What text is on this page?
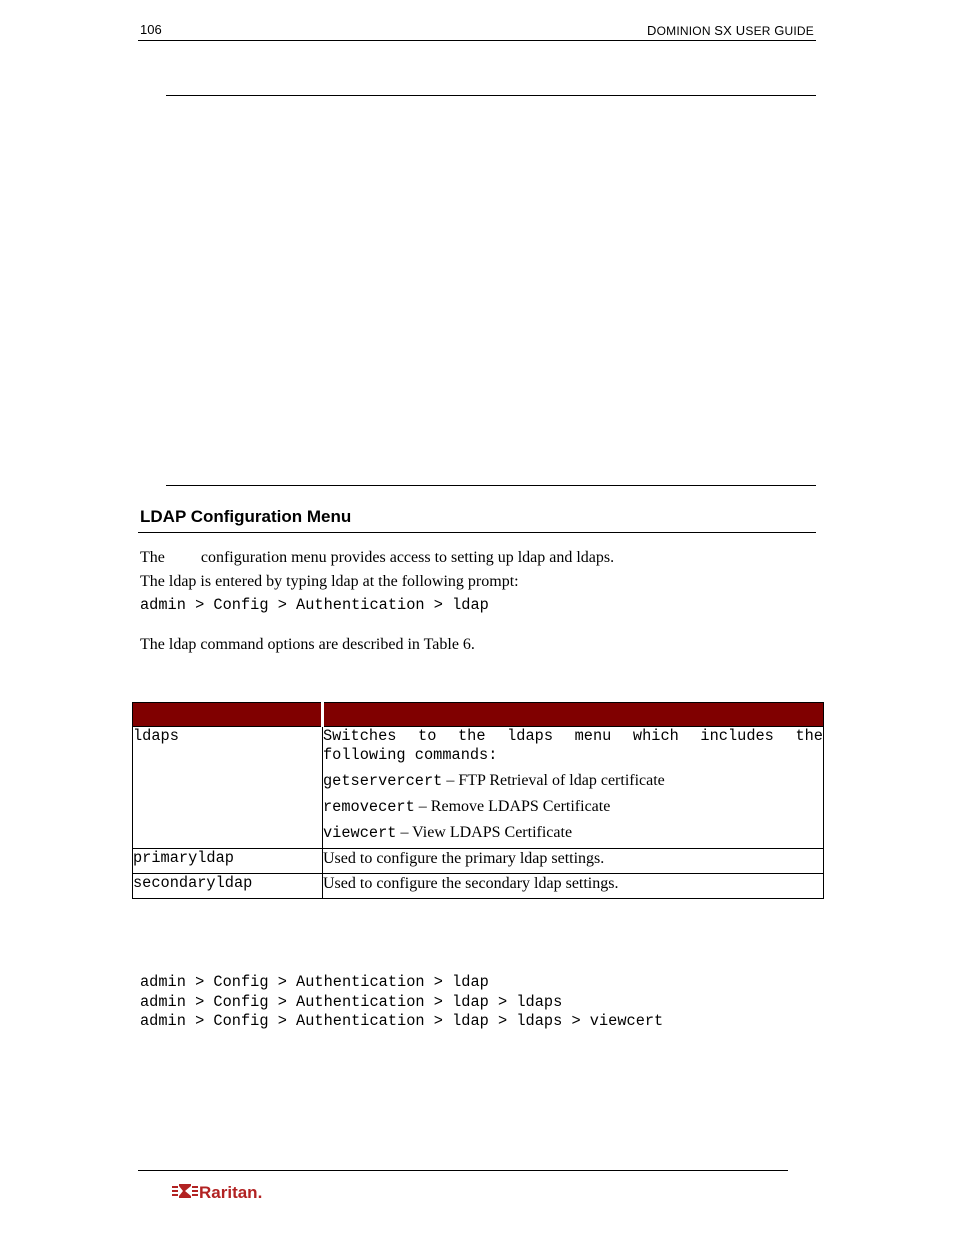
106	DOMINION SX USER GUIDE
LDAP Configuration Menu
The         configuration menu provides access to setting up ldap and ldaps.
The ldap is entered by typing ldap at the following prompt:
admin > Config > Authentication > ldap
The ldap command options are described in Table 6.

ldaps	Switches to the ldaps menu which includes the following commands:
getservercert – FTP Retrieval of ldap certificate
removecert – Remove LDAPS Certificate
viewcert – View LDAPS Certificate

primaryldap	Used to configure the primary ldap settings.
secondaryldap	Used to configure the secondary ldap settings.
admin > Config > Authentication > ldap
admin > Config > Authentication > ldap > ldaps
admin > Config > Authentication > ldap > ldaps > viewcert
Raritan.
